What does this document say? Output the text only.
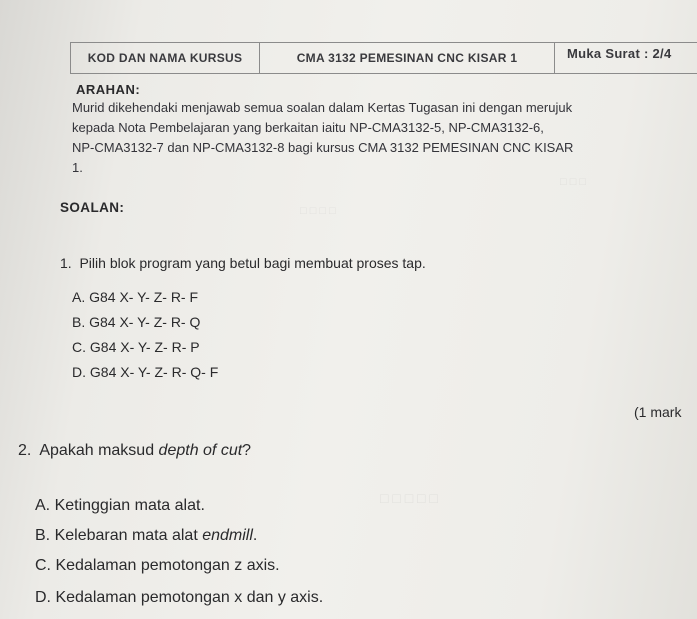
□ □ □
□ □ □ □
□ □ □ □ □
KOD DAN NAMA KURSUS	CMA 3132 PEMESINAN CNC KISAR 1	Muka Surat : 2/4
ARAHAN:
Murid dikehendaki menjawab semua soalan dalam Kertas Tugasan ini dengan merujuk
kepada Nota Pembelajaran yang berkaitan iaitu NP-CMA3132-5, NP-CMA3132-6,
NP-CMA3132-7 dan NP-CMA3132-8 bagi kursus CMA 3132 PEMESINAN CNC KISAR
1.
SOALAN:
1. Pilih blok program yang betul bagi membuat proses tap.
A. G84 X- Y- Z- R- F
B. G84 X- Y- Z- R- Q
C. G84 X- Y- Z- R- P
D. G84 X- Y- Z- R- Q- F
(1 mark
2. Apakah maksud depth of cut?
A. Ketinggian mata alat.
B. Kelebaran mata alat endmill.
C. Kedalaman pemotongan z axis.
D. Kedalaman pemotongan x dan y axis.
